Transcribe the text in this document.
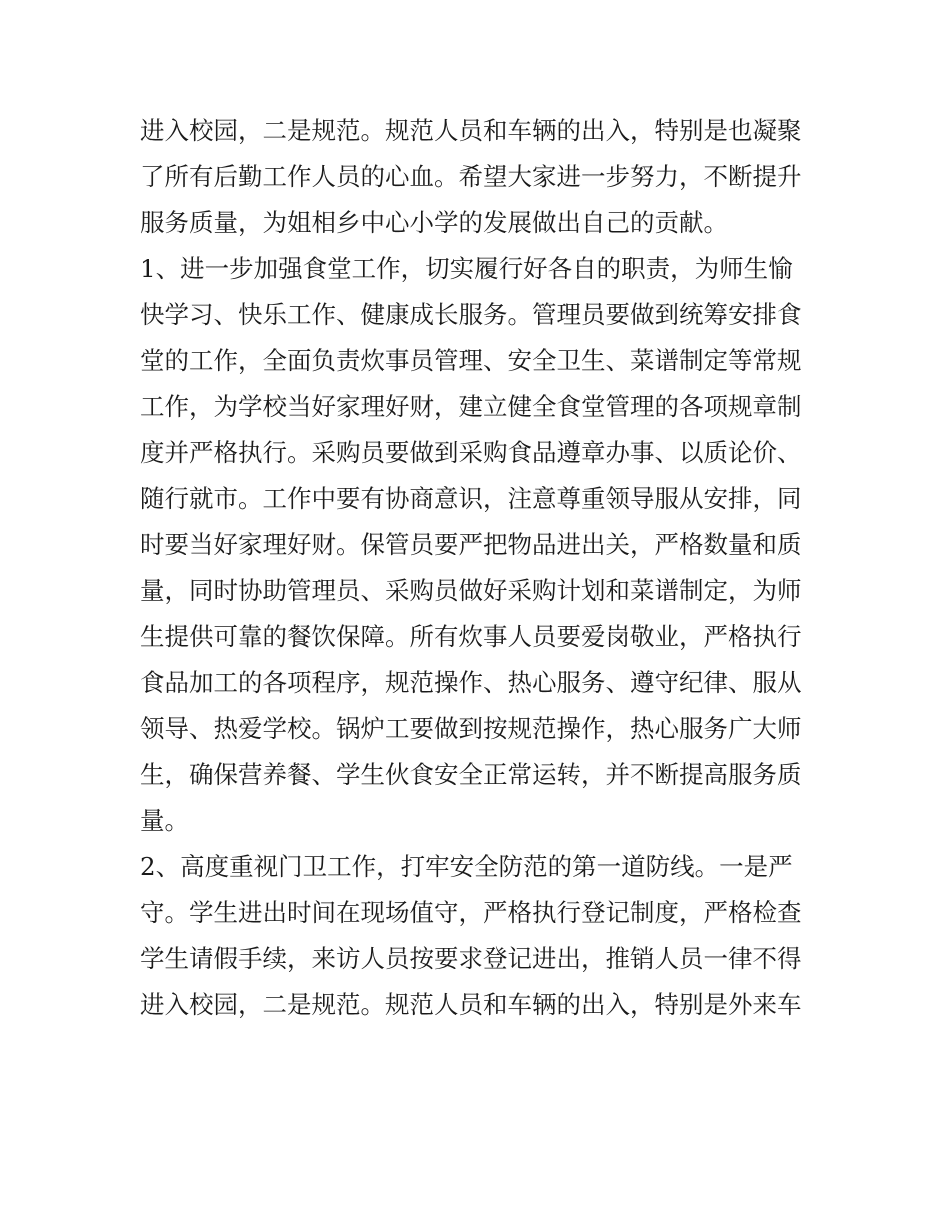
进入校园，二是规范。规范人员和车辆的出入，特别是也凝聚
了所有后勤工作人员的心血。希望大家进一步努力，不断提升
服务质量，为姐相乡中心小学的发展做出自己的贡献。
1、进一步加强食堂工作，切实履行好各自的职责，为师生愉
快学习、快乐工作、健康成长服务。管理员要做到统筹安排食
堂的工作，全面负责炊事员管理、安全卫生、菜谱制定等常规
工作，为学校当好家理好财，建立健全食堂管理的各项规章制
度并严格执行。采购员要做到采购食品遵章办事、以质论价、
随行就市。工作中要有协商意识，注意尊重领导服从安排，同
时要当好家理好财。保管员要严把物品进出关，严格数量和质
量，同时协助管理员、采购员做好采购计划和菜谱制定，为师
生提供可靠的餐饮保障。所有炊事人员要爱岗敬业，严格执行
食品加工的各项程序，规范操作、热心服务、遵守纪律、服从
领导、热爱学校。锅炉工要做到按规范操作，热心服务广大师
生，确保营养餐、学生伙食安全正常运转，并不断提高服务质
量。
2、高度重视门卫工作，打牢安全防范的第一道防线。一是严
守。学生进出时间在现场值守，严格执行登记制度，严格检查
学生请假手续，来访人员按要求登记进出，推销人员一律不得
进入校园，二是规范。规范人员和车辆的出入，特别是外来车
